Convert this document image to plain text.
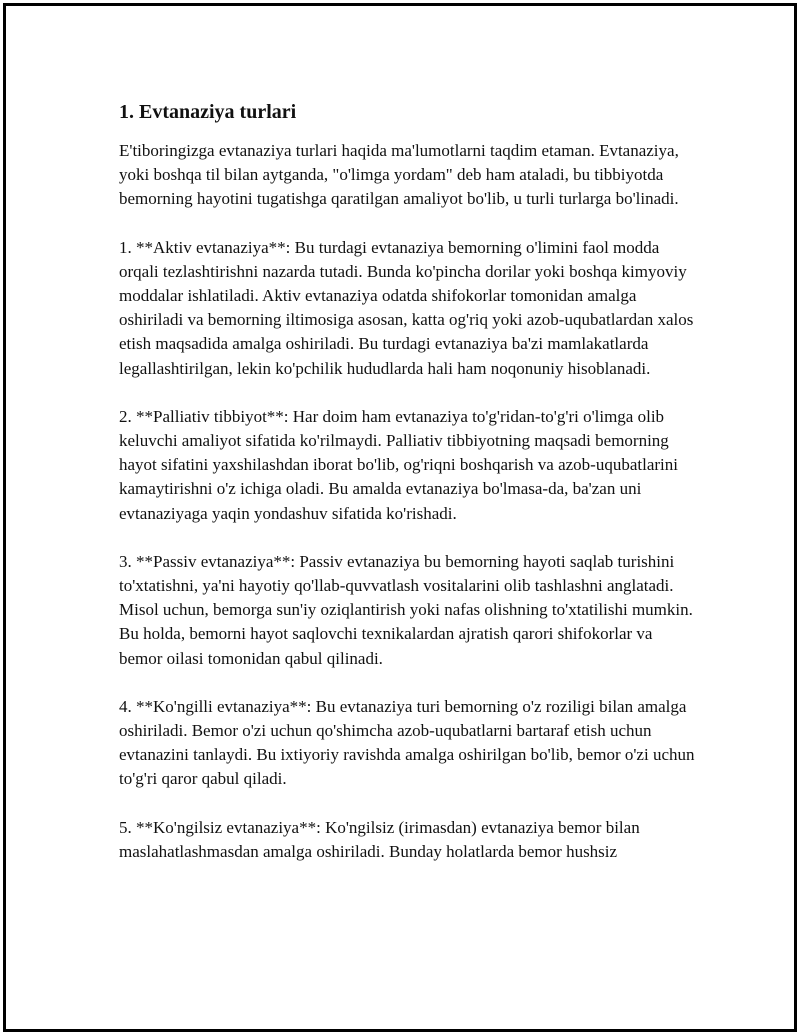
1. Evtanaziya turlari

E'tiboringizga evtanaziya turlari haqida ma'lumotlarni taqdim etaman. Evtanaziya, yoki boshqa til bilan aytganda, "o'limga yordam" deb ham ataladi, bu tibbiyotda bemorning hayotini tugatishga qaratilgan amaliyot bo'lib, u turli turlarga bo'linadi.

1. **Aktiv evtanaziya**: Bu turdagi evtanaziya bemorning o'limini faol modda orqali tezlashtirishni nazarda tutadi. Bunda ko'pincha dorilar yoki boshqa kimyoviy moddalar ishlatiladi. Aktiv evtanaziya odatda shifokorlar tomonidan amalga oshiriladi va bemorning iltimosiga asosan, katta og'riq yoki azob-uqubatlardan xalos etish maqsadida amalga oshiriladi. Bu turdagi evtanaziya ba'zi mamlakatlarda legallashtirilgan, lekin ko'pchilik hududlarda hali ham noqonuniy hisoblanadi.

2. **Palliativ tibbiyot**: Har doim ham evtanaziya to'g'ridan-to'g'ri o'limga olib keluvchi amaliyot sifatida ko'rilmaydi. Palliativ tibbiyotning maqsadi bemorning hayot sifatini yaxshilashdan iborat bo'lib, og'riqni boshqarish va azob-uqubatlarini kamaytirishni o'z ichiga oladi. Bu amalda evtanaziya bo'lmasa-da, ba'zan uni evtanaziyaga yaqin yondashuv sifatida ko'rishadi.

3. **Passiv evtanaziya**: Passiv evtanaziya bu bemorning hayoti saqlab turishini to'xtatishni, ya'ni hayotiy qo'llab-quvvatlash vositalarini olib tashlashni anglatadi. Misol uchun, bemorga sun'iy oziqlantirish yoki nafas olishning to'xtatilishi mumkin. Bu holda, bemorni hayot saqlovchi texnikalardan ajratish qarori shifokorlar va bemor oilasi tomonidan qabul qilinadi.

4. **Ko'ngilli evtanaziya**: Bu evtanaziya turi bemorning o'z roziligi bilan amalga oshiriladi. Bemor o'zi uchun qo'shimcha azob-uqubatlarni bartaraf etish uchun evtanazini tanlaydi. Bu ixtiyoriy ravishda amalga oshirilgan bo'lib, bemor o'zi uchun to'g'ri qaror qabul qiladi.

5. **Ko'ngilsiz evtanaziya**: Ko'ngilsiz (irimasdan) evtanaziya bemor bilan maslahatlashmasdan amalga oshiriladi. Bunday holatlarda bemor hushsiz
